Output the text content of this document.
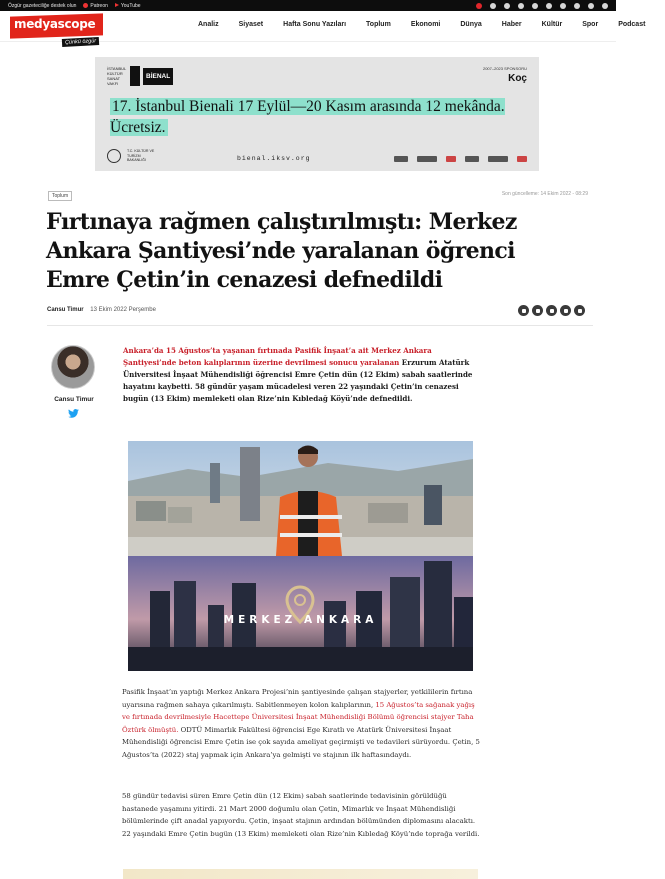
Özgür gazeteciliğe destek olun	Patreon	YouTube
medyascope
Çünkü özgür
Analiz	Siyaset	Hafta Sonu Yazıları	Toplum	Ekonomi	Dünya	Haber	Kültür	Spor	Podcast
İSTANBUL KÜLTÜR SANAT VAKFI
BİENAL
2007–2023 SPONSORU
Koç
17. İstanbul Bienali 17 Eylül—20 Kasım arasında 12 mekânda. Ücretsiz.
T.C. KÜLTÜR VE TURİZM BAKANLIĞI	bienal.iksv.org
Toplum	Son güncelleme: 14 Ekim 2022 - 08:29
Fırtınaya rağmen çalıştırılmıştı: Merkez Ankara Şantiyesi’nde yaralanan öğrenci Emre Çetin’in cenazesi defnedildi
Cansu Timur 13 Ekim 2022 Perşembe
Cansu Timur

Ankara’da 15 Ağustos’ta yaşanan fırtınada Pasifik İnşaat’a ait Merkez Ankara Şantiyesi’nde beton kalıplarının üzerine devrilmesi sonucu yaralanan Erzurum Atatürk Üniversitesi İnşaat Mühendisliği öğrencisi Emre Çetin dün (12 Ekim) sabah saatlerinde hayatını kaybetti. 58 gündür yaşam mücadelesi veren 22 yaşındaki Çetin’in cenazesi bugün (13 Ekim) memleketi olan Rize’nin Kıbledağ Köyü’nde defnedildi.

MERKEZ ANKARA

Pasifik İnşaat’ın yaptığı Merkez Ankara Projesi’nin şantiyesinde çalışan stajyerler, yetkililerin fırtına uyarısına rağmen sahaya çıkarılmıştı. Sabitlenmeyen kolon kalıplarının, 15 Ağustos’ta sağanak yağış ve fırtınada devrilmesiyle Hacettepe Üniversitesi İnşaat Mühendisliği Bölümü öğrencisi stajyer Taha Öztürk ölmüştü. ODTÜ Mimarlık Fakültesi öğrencisi Ege Kıratlı ve Atatürk Üniversitesi İnşaat Mühendisliği öğrencisi Emre Çetin ise çok sayıda ameliyat geçirmişti ve tedavileri sürüyordu. Çetin, 5 Ağustos’ta (2022) staj yapmak için Ankara’ya gelmişti ve stajının ilk haftasındaydı.

58 gündür tedavisi süren Emre Çetin dün (12 Ekim) sabah saatlerinde tedavisinin görüldüğü hastanede yaşamını yitirdi. 21 Mart 2000 doğumlu olan Çetin, Mimarlık ve İnşaat Mühendisliği bölümlerinde çift anadal yapıyordu. Çetin, inşaat stajının ardından bölümünden diplomasını alacaktı. 22 yaşındaki Emre Çetin bugün (13 Ekim) memleketi olan Rize’nin Kıbledağ Köyü’nde toprağa verildi.
